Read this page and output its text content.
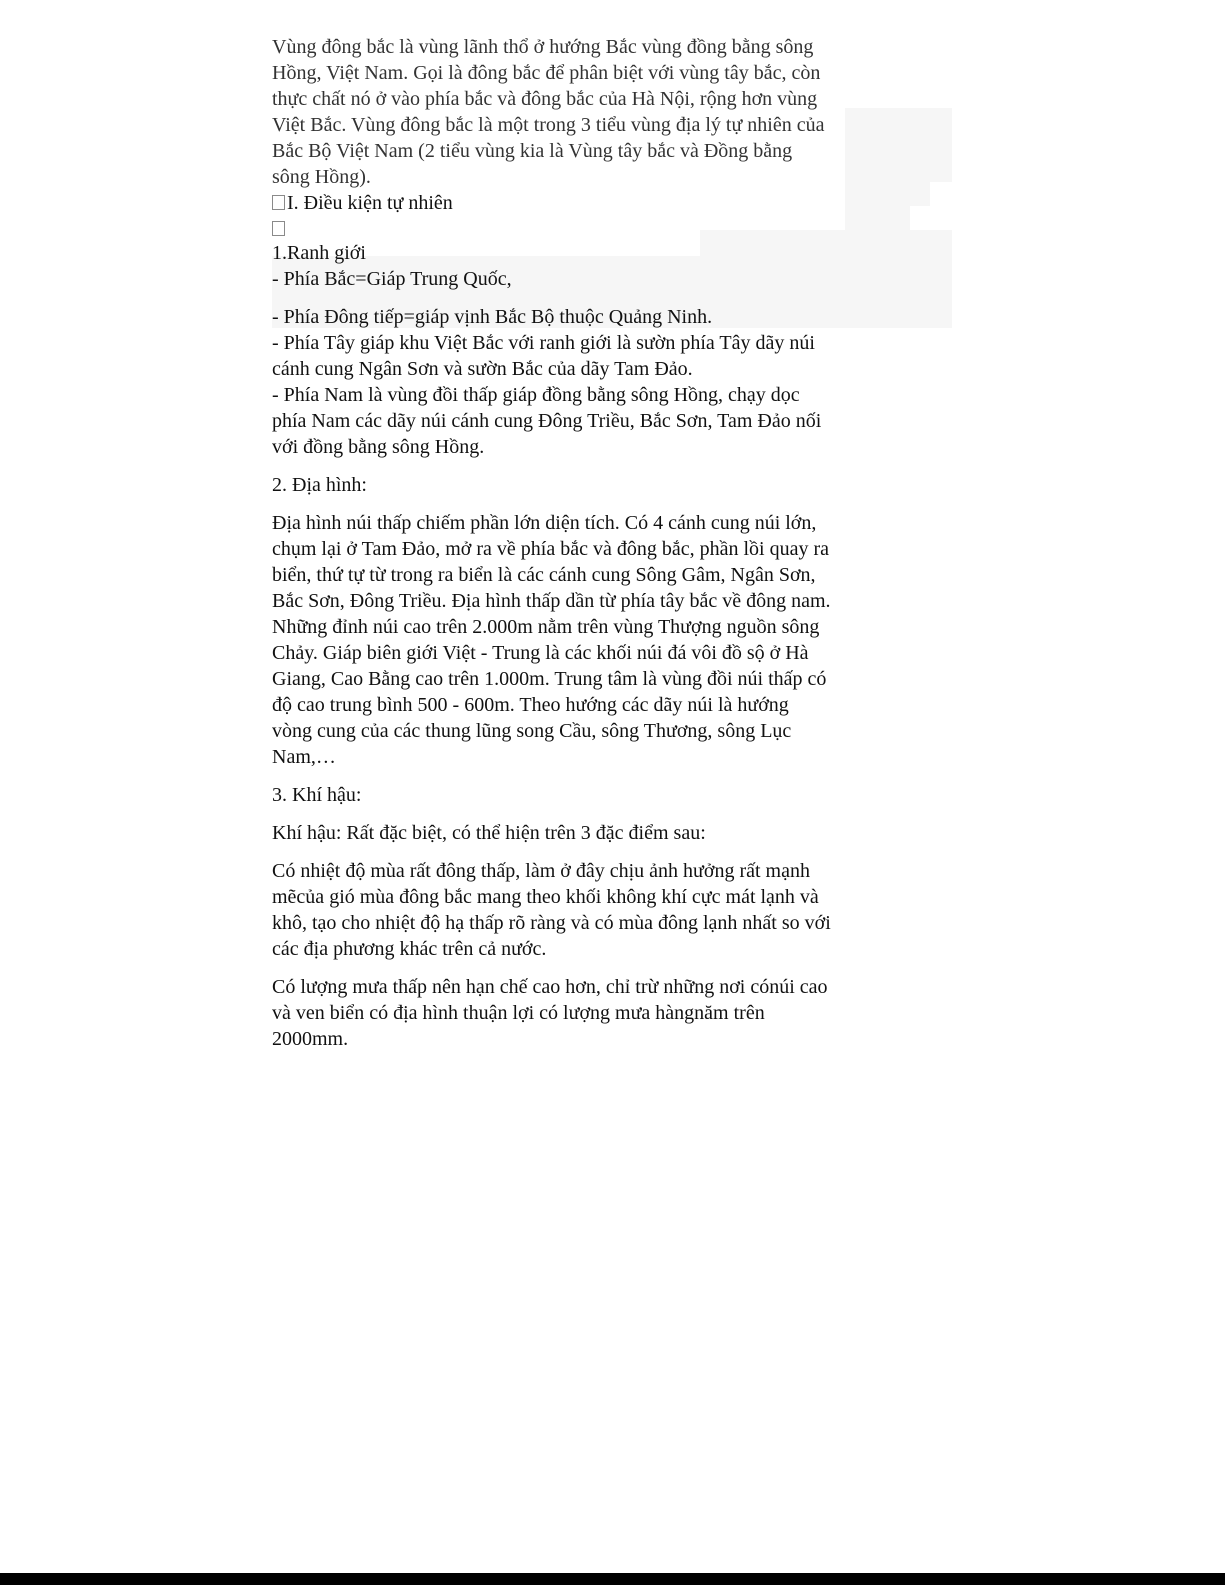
Vùng đông bắc là vùng lãnh thổ ở hướng Bắc vùng đồng bằng sông Hồng, Việt Nam. Gọi là đông bắc để phân biệt với vùng tây bắc, còn thực chất nó ở vào phía bắc và đông bắc của Hà Nội, rộng hơn vùng Việt Bắc. Vùng đông bắc là một trong 3 tiểu vùng địa lý tự nhiên của Bắc Bộ Việt Nam (2 tiểu vùng kia là Vùng tây bắc và Đồng bằng sông Hồng).

I. Điều kiện tự nhiên

1.Ranh giới

- Phía Bắc=Giáp Trung Quốc,

- Phía Đông tiếp=giáp vịnh Bắc Bộ thuộc Quảng Ninh.

- Phía Tây giáp khu Việt Bắc với ranh giới là sườn phía Tây dãy núi cánh cung Ngân Sơn và sườn Bắc của dãy Tam Đảo.

- Phía Nam là vùng đồi thấp giáp đồng bằng sông Hồng, chạy dọc phía Nam các dãy núi cánh cung Đông Triều, Bắc Sơn, Tam Đảo nối với đồng bằng sông Hồng.

2. Địa hình:

Địa hình núi thấp chiếm phần lớn diện tích. Có 4 cánh cung núi lớn, chụm lại ở Tam Đảo, mở ra về phía bắc và đông bắc, phần lồi quay ra biển, thứ tự từ trong ra biển là các cánh cung Sông Gâm, Ngân Sơn, Bắc Sơn, Đông Triều. Địa hình thấp dần từ phía tây bắc về đông nam. Những đỉnh núi cao trên 2.000m nằm trên vùng Thượng nguồn sông Chảy. Giáp biên giới Việt - Trung là các khối núi đá vôi đồ sộ ở Hà Giang, Cao Bằng cao trên 1.000m. Trung tâm là vùng đồi núi thấp có độ cao trung bình 500 - 600m. Theo hướng các dãy núi là hướng vòng cung của các thung lũng song Cầu, sông Thương, sông Lục Nam,…

3. Khí hậu:

Khí hậu: Rất đặc biệt, có thể hiện trên 3 đặc điểm sau:

Có nhiệt độ mùa rất đông thấp, làm ở đây chịu ảnh hưởng rất mạnh mẽcủa gió mùa đông bắc mang theo khối không khí cực mát lạnh và khô, tạo cho nhiệt độ hạ thấp rõ ràng và có mùa đông lạnh nhất so với các địa phương khác trên cả nước.

Có lượng mưa thấp nên hạn chế cao hơn, chỉ trừ những nơi cónúi cao và ven biển có địa hình thuận lợi có lượng mưa hàngnăm trên 2000mm.
